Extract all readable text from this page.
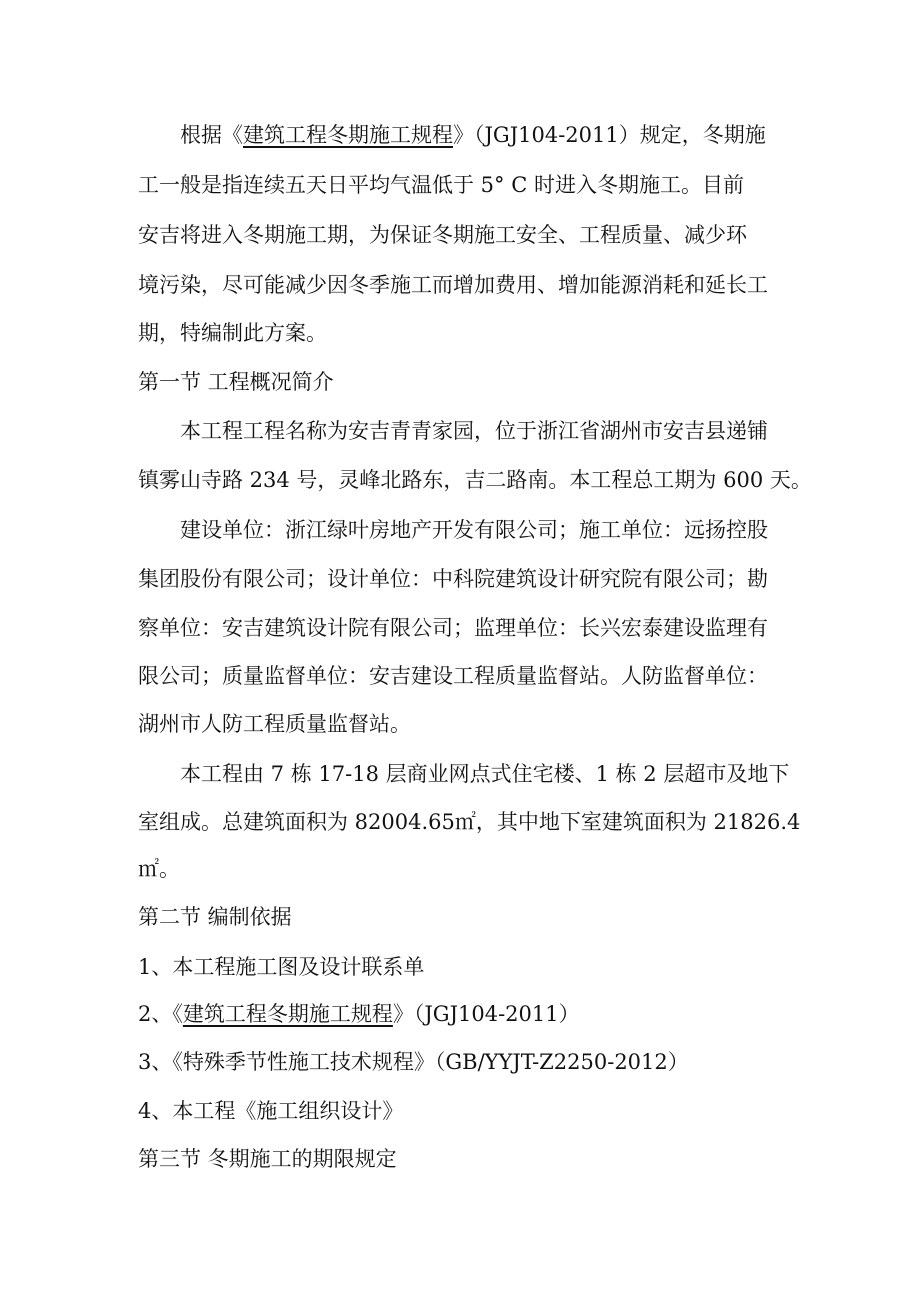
根据《建筑工程冬期施工规程》（JGJ104-2011）规定，冬期施
工一般是指连续五天日平均气温低于 5° C 时进入冬期施工。目前
安吉将进入冬期施工期，为保证冬期施工安全、工程质量、减少环
境污染，尽可能减少因冬季施工而增加费用、增加能源消耗和延长工
期，特编制此方案。
第一节 工程概况简介
本工程工程名称为安吉青青家园，位于浙江省湖州市安吉县递铺
镇雾山寺路 234 号，灵峰北路东，吉二路南。本工程总工期为 600 天。
建设单位：浙江绿叶房地产开发有限公司；施工单位：远扬控股
集团股份有限公司；设计单位：中科院建筑设计研究院有限公司；勘
察单位：安吉建筑设计院有限公司；监理单位：长兴宏泰建设监理有
限公司；质量监督单位：安吉建设工程质量监督站。人防监督单位：
湖州市人防工程质量监督站。
本工程由 7 栋 17-18 层商业网点式住宅楼、1 栋 2 层超市及地下
室组成。总建筑面积为 82004.65㎡，其中地下室建筑面积为 21826.4
㎡。
第二节 编制依据
1、本工程施工图及设计联系单
2、《建筑工程冬期施工规程》（JGJ104-2011）
3、《特殊季节性施工技术规程》（GB/YYJT-Z2250-2012）
4、本工程《施工组织设计》
第三节 冬期施工的期限规定
